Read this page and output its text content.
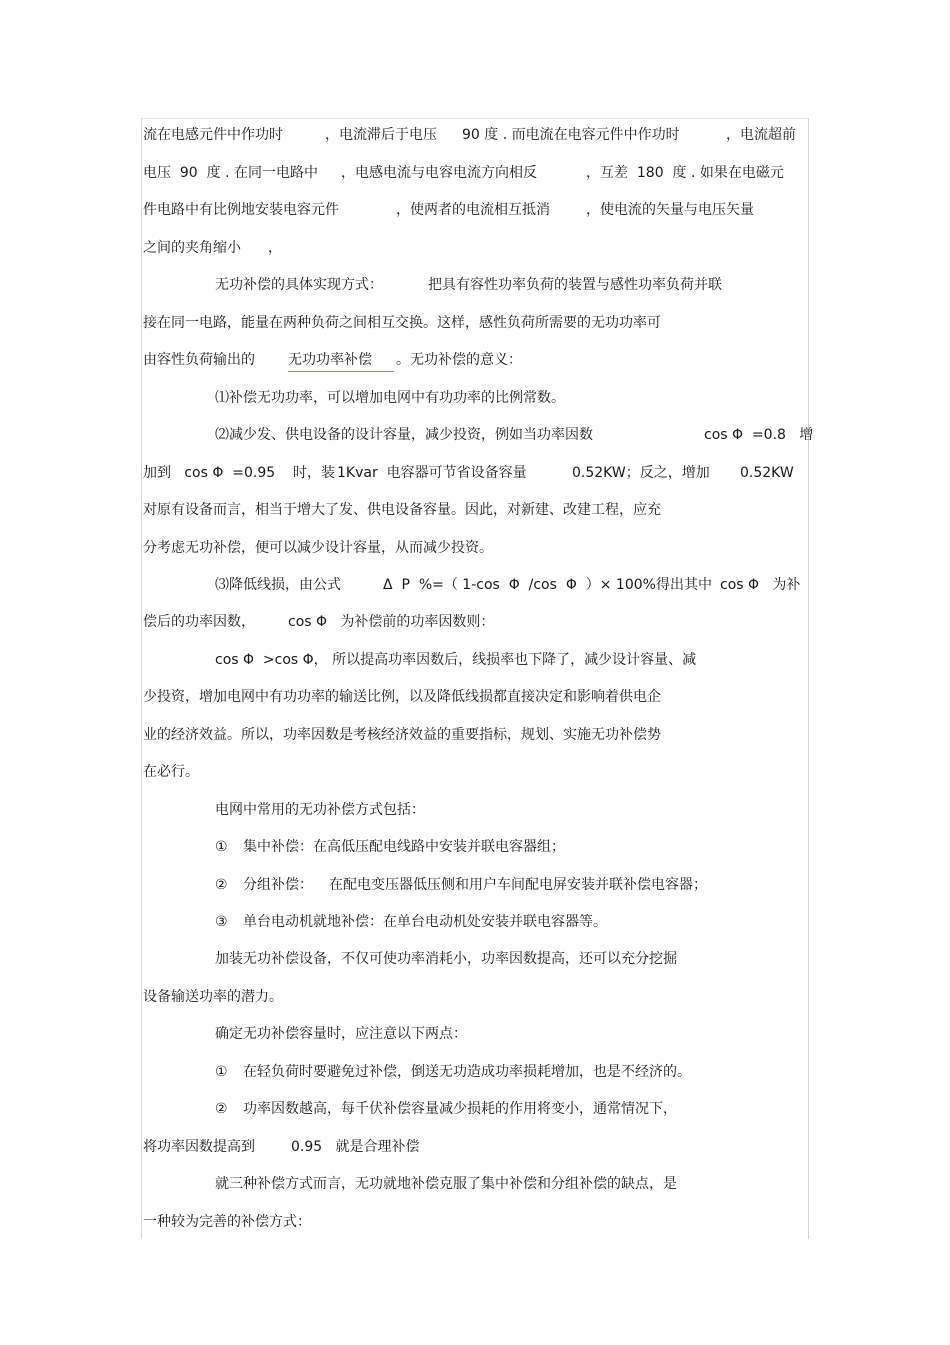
流在电感元件中作功时	，电流滞后于电压 90 度 . 而电流在电容元件中作功时	，电流超前
电压  90  度 . 在同一电路中 ，电感电流与电容电流方向相反	，互差  180  度 . 如果在电磁元
件电路中有比例地安装电容元件	，使两者的电流相互抵消	，使电流的矢量与电压矢量
之间的夹角缩小 ，
无功补偿的具体实现方式：	把具有容性功率负荷的装置与感性功率负荷并联
接在同一电路，能量在两种负荷之间相互交换。这样，感性负荷所需要的无功功率可
由容性负荷输出的 无功功率补偿	。无功补偿的意义：
⑴补偿无功功率，可以增加电网中有功功率的比例常数。
⑵减少发、供电设备的设计容量，减少投资，例如当功率因数	cos Φ  =0.8   增
加到   cos Φ  =0.95    时，装 1Kvar  电容器可节省设备容量	0.52KW；反之，增加 0.52KW
对原有设备而言，相当于增大了发、供电设备容量。因此，对新建、改建工程，应充
分考虑无功补偿，便可以减少设计容量，从而减少投资。
⑶降低线损，由公式	Δ  P  %=（ 1-cos  Φ  /cos  Φ  ）× 100%得出其中 cos Φ   为补
偿后的功率因数， cos Φ   为补偿前的功率因数则：
cos Φ  >cos Φ， 所以提高功率因数后，线损率也下降了，减少设计容量、减
少投资，增加电网中有功功率的输送比例，以及降低线损都直接决定和影响着供电企
业的经济效益。所以，功率因数是考核经济效益的重要指标，规划、实施无功补偿势
在必行。
电网中常用的无功补偿方式包括：
① 集中补偿：在高低压配电线路中安装并联电容器组；
② 分组补偿： 在配电变压器低压侧和用户车间配电屏安装并联补偿电容器；
③ 单台电动机就地补偿：在单台电动机处安装并联电容器等。
加装无功补偿设备，不仅可使功率消耗小，功率因数提高，还可以充分挖掘
设备输送功率的潜力。
确定无功补偿容量时，应注意以下两点：
① 在轻负荷时要避免过补偿，倒送无功造成功率损耗增加，也是不经济的。
② 功率因数越高，每千伏补偿容量减少损耗的作用将变小，通常情况下，
将功率因数提高到	0.95   就是合理补偿
就三种补偿方式而言，无功就地补偿克服了集中补偿和分组补偿的缺点，是
一种较为完善的补偿方式：
